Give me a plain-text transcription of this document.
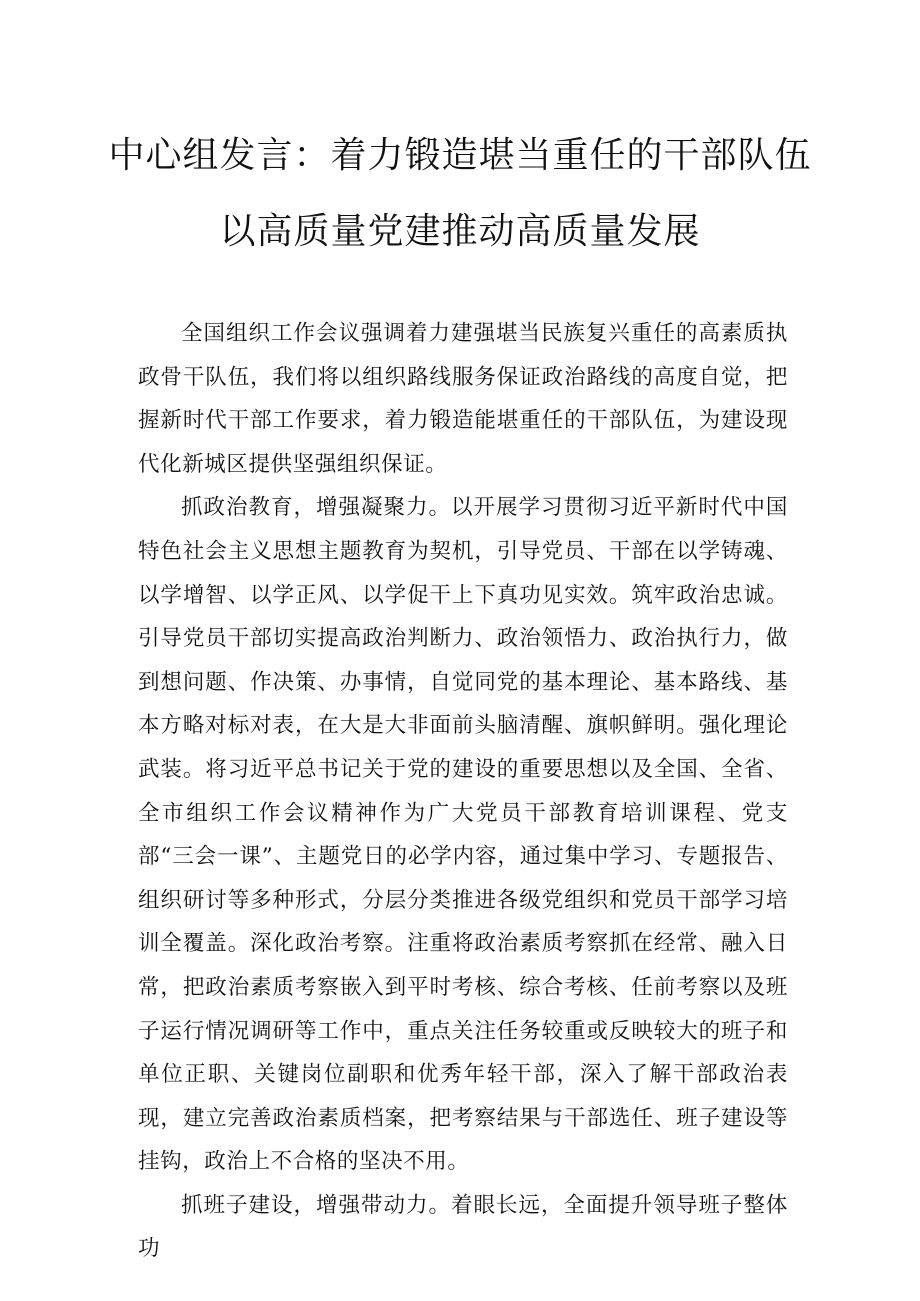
中心组发言：着力锻造堪当重任的干部队伍
以高质量党建推动高质量发展

全国组织工作会议强调着力建强堪当民族复兴重任的高素质执政骨干队伍，我们将以组织路线服务保证政治路线的高度自觉，把握新时代干部工作要求，着力锻造能堪重任的干部队伍，为建设现代化新城区提供坚强组织保证。

抓政治教育，增强凝聚力。以开展学习贯彻习近平新时代中国特色社会主义思想主题教育为契机，引导党员、干部在以学铸魂、以学增智、以学正风、以学促干上下真功见实效。筑牢政治忠诚。引导党员干部切实提高政治判断力、政治领悟力、政治执行力，做到想问题、作决策、办事情，自觉同党的基本理论、基本路线、基本方略对标对表，在大是大非面前头脑清醒、旗帜鲜明。强化理论武装。将习近平总书记关于党的建设的重要思想以及全国、全省、全市组织工作会议精神作为广大党员干部教育培训课程、党支部“三会一课”、主题党日的必学内容，通过集中学习、专题报告、组织研讨等多种形式，分层分类推进各级党组织和党员干部学习培训全覆盖。深化政治考察。注重将政治素质考察抓在经常、融入日常，把政治素质考察嵌入到平时考核、综合考核、任前考察以及班子运行情况调研等工作中，重点关注任务较重或反映较大的班子和单位正职、关键岗位副职和优秀年轻干部，深入了解干部政治表现，建立完善政治素质档案，把考察结果与干部选任、班子建设等挂钩，政治上不合格的坚决不用。

抓班子建设，增强带动力。着眼长远，全面提升领导班子整体功
